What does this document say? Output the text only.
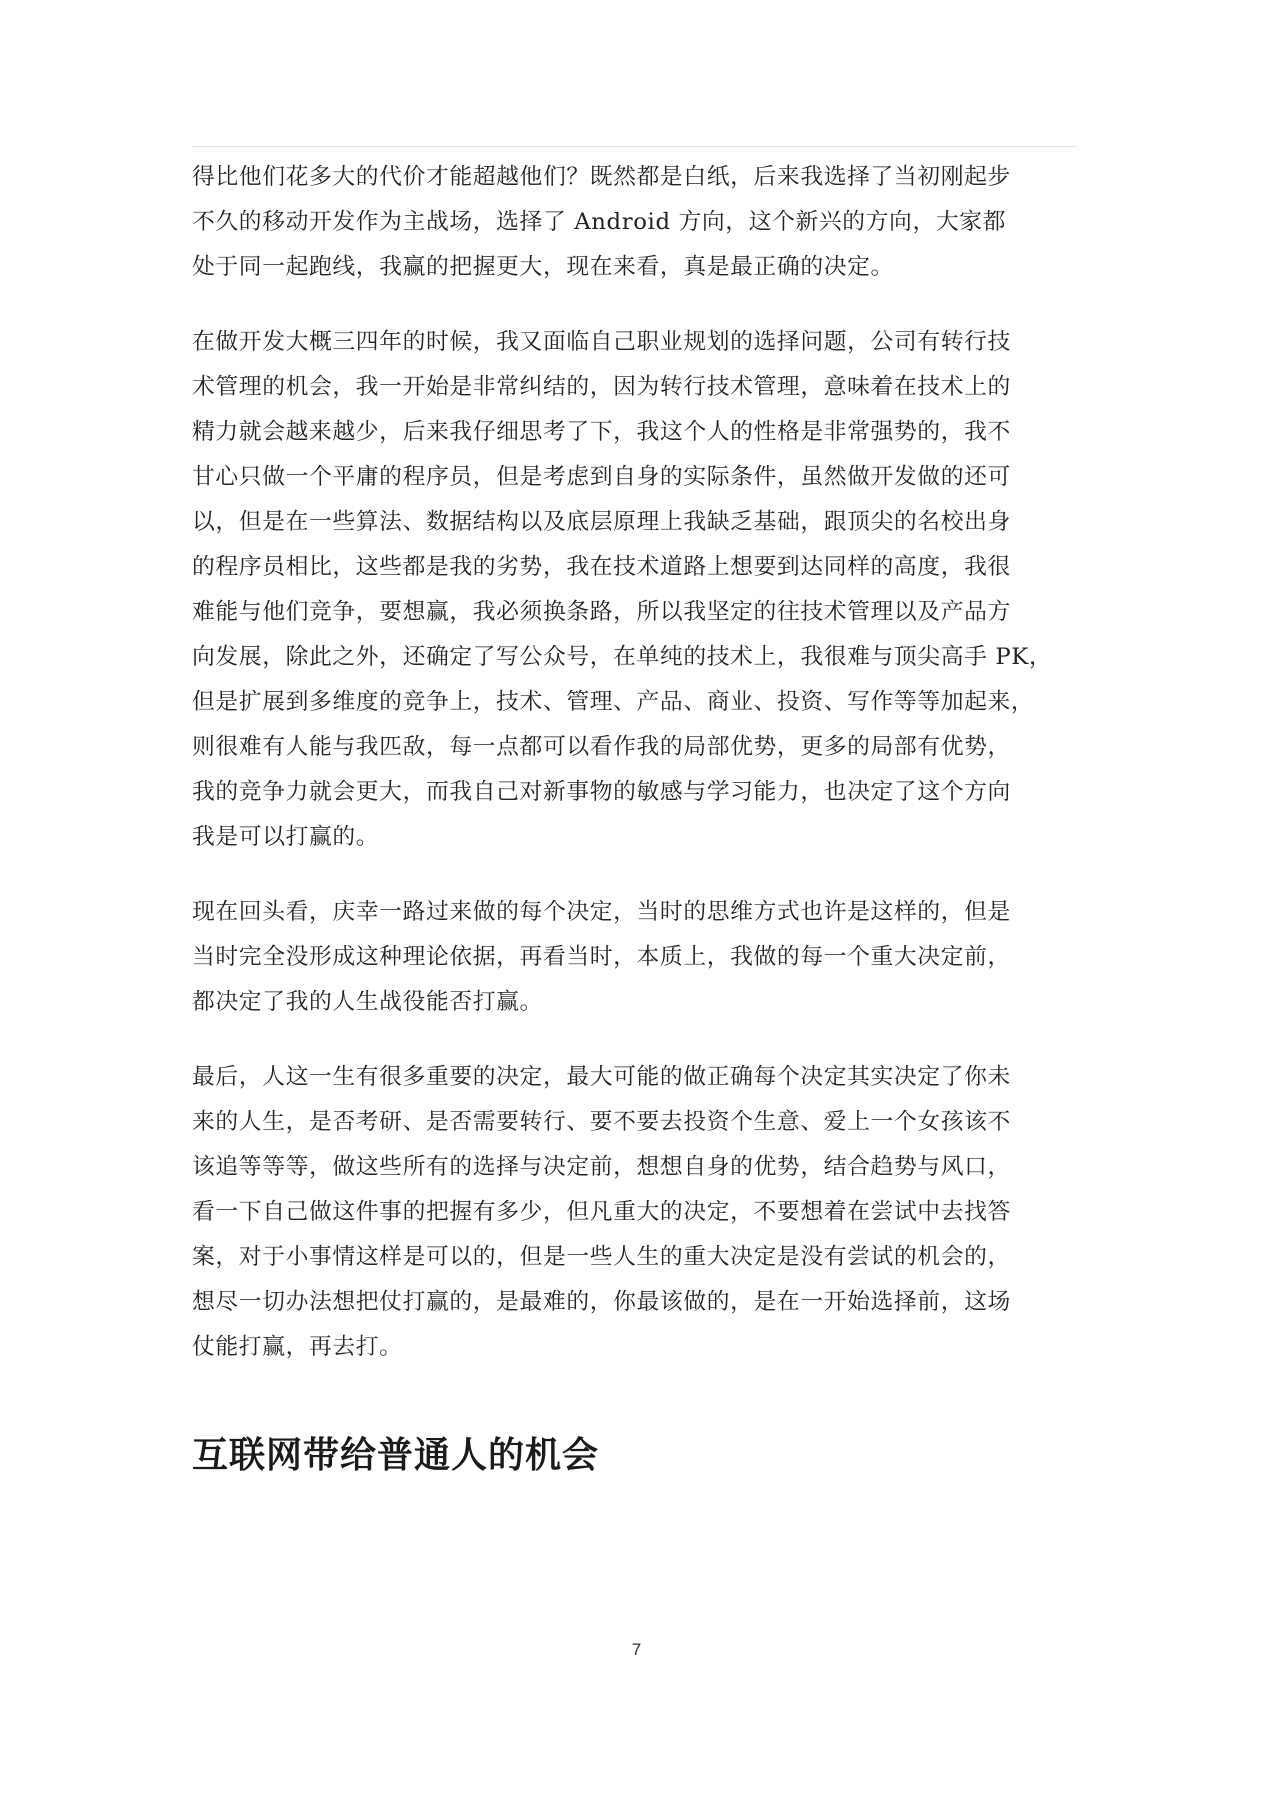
得比他们花多大的代价才能超越他们？既然都是白纸，后来我选择了当初刚起步
不久的移动开发作为主战场，选择了 Android 方向，这个新兴的方向，大家都
处于同一起跑线，我赢的把握更大，现在来看，真是最正确的决定。

在做开发大概三四年的时候，我又面临自己职业规划的选择问题，公司有转行技
术管理的机会，我一开始是非常纠结的，因为转行技术管理，意味着在技术上的
精力就会越来越少，后来我仔细思考了下，我这个人的性格是非常强势的，我不
甘心只做一个平庸的程序员，但是考虑到自身的实际条件，虽然做开发做的还可
以，但是在一些算法、数据结构以及底层原理上我缺乏基础，跟顶尖的名校出身
的程序员相比，这些都是我的劣势，我在技术道路上想要到达同样的高度，我很
难能与他们竞争，要想赢，我必须换条路，所以我坚定的往技术管理以及产品方
向发展，除此之外，还确定了写公众号，在单纯的技术上，我很难与顶尖高手 PK，
但是扩展到多维度的竞争上，技术、管理、产品、商业、投资、写作等等加起来，
则很难有人能与我匹敌，每一点都可以看作我的局部优势，更多的局部有优势，
我的竞争力就会更大，而我自己对新事物的敏感与学习能力，也决定了这个方向
我是可以打赢的。

现在回头看，庆幸一路过来做的每个决定，当时的思维方式也许是这样的，但是
当时完全没形成这种理论依据，再看当时，本质上，我做的每一个重大决定前，
都决定了我的人生战役能否打赢。

最后，人这一生有很多重要的决定，最大可能的做正确每个决定其实决定了你未
来的人生，是否考研、是否需要转行、要不要去投资个生意、爱上一个女孩该不
该追等等等，做这些所有的选择与决定前，想想自身的优势，结合趋势与风口，
看一下自己做这件事的把握有多少，但凡重大的决定，不要想着在尝试中去找答
案，对于小事情这样是可以的，但是一些人生的重大决定是没有尝试的机会的，
想尽一切办法想把仗打赢的，是最难的，你最该做的，是在一开始选择前，这场
仗能打赢，再去打。

互联网带给普通人的机会
7
